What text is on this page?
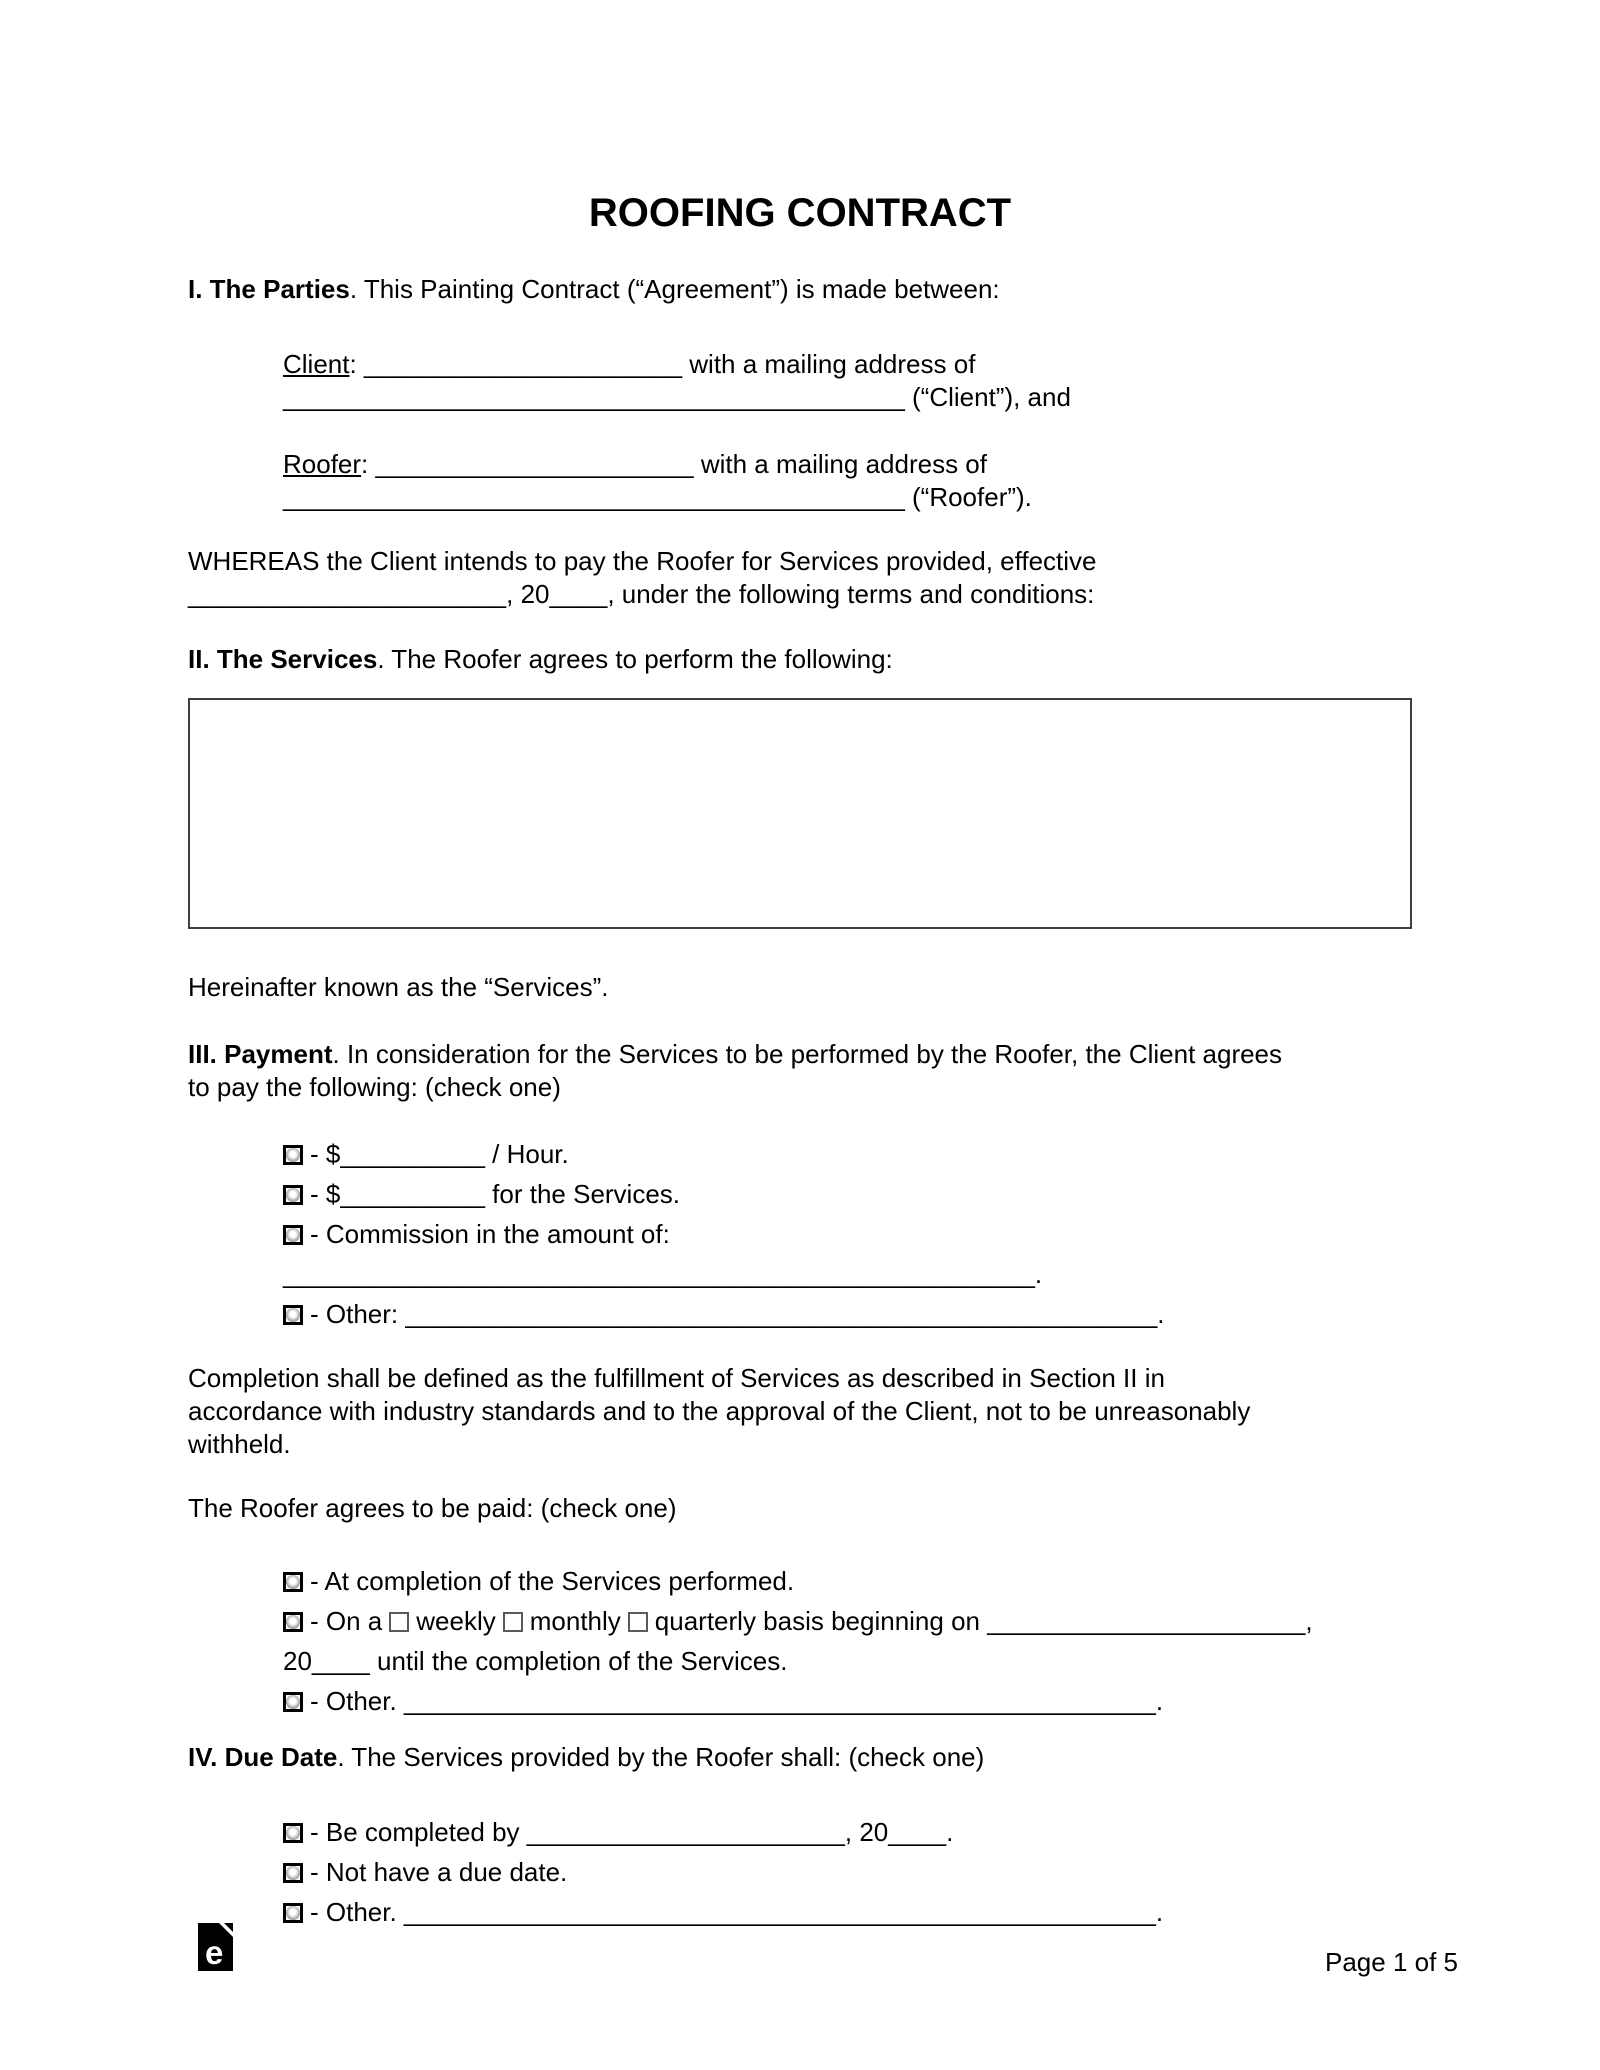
ROOFING CONTRACT

I. The Parties. This Painting Contract (“Agreement”) is made between:

Client: ______________________ with a mailing address of
___________________________________________ (“Client”), and
Roofer: ______________________ with a mailing address of
___________________________________________ (“Roofer”).

WHEREAS the Client intends to pay the Roofer for Services provided, effective
______________________, 20____, under the following terms and conditions:

II. The Services. The Roofer agrees to perform the following:

Hereinafter known as the “Services”.

III. Payment. In consideration for the Services to be performed by the Roofer, the Client agrees
to pay the following: (check one)

- $__________ / Hour.
- $__________ for the Services.
- Commission in the amount of: ____________________________________________________.
- Other: ____________________________________________________.

Completion shall be defined as the fulfillment of Services as described in Section II in
accordance with industry standards and to the approval of the Client, not to be unreasonably
withheld.

The Roofer agrees to be paid: (check one)

- At completion of the Services performed.
- On a weekly monthly quarterly basis beginning on ______________________,
20____ until the completion of the Services.
- Other. ____________________________________________________.

IV. Due Date. The Services provided by the Roofer shall: (check one)

- Be completed by ______________________, 20____.
- Not have a due date.
- Other. ____________________________________________________.
e	Page 1 of 5
